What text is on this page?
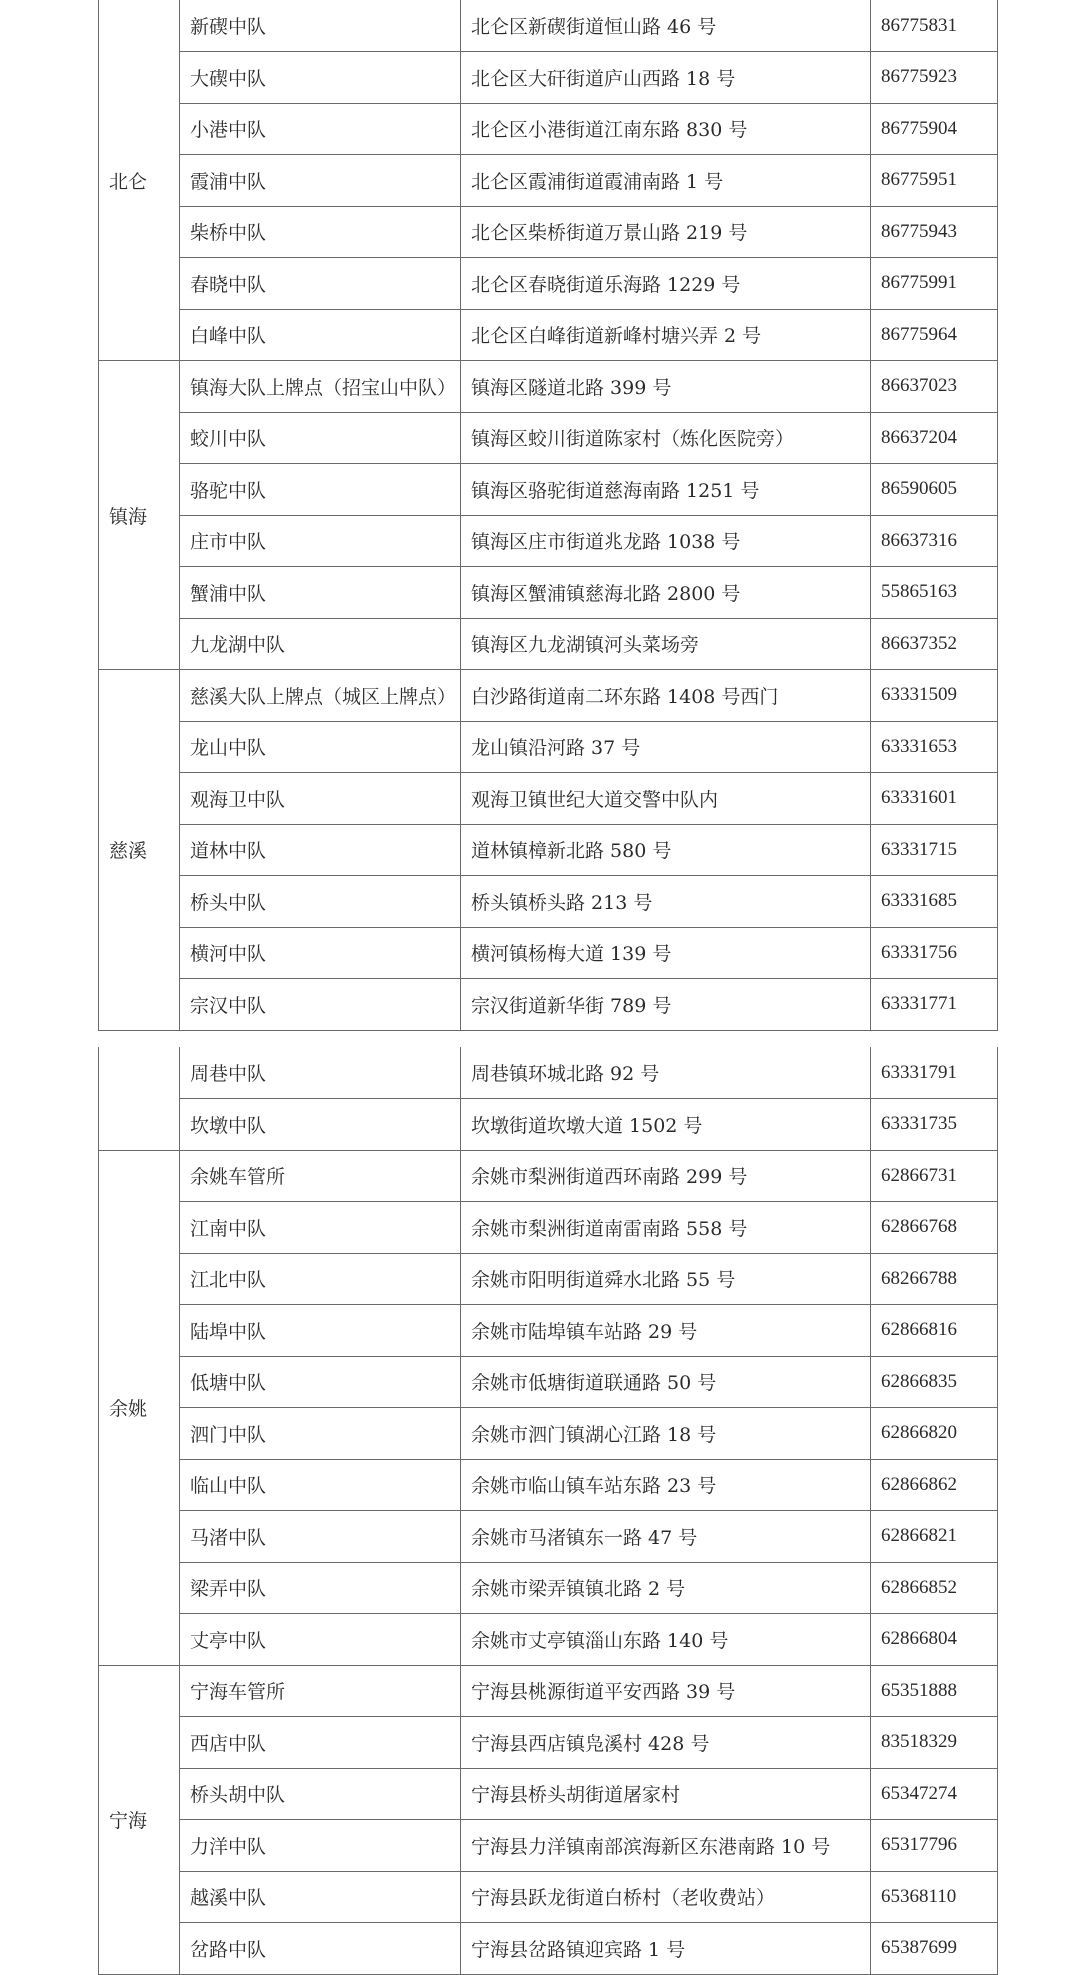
北仑	新碶中队	北仑区新碶街道恒山路 46 号	86775831
	大碶中队	北仑区大矸街道庐山西路 18 号	86775923
	小港中队	北仑区小港街道江南东路 830 号	86775904
	霞浦中队	北仑区霞浦街道霞浦南路 1 号	86775951
	柴桥中队	北仑区柴桥街道万景山路 219 号	86775943
	春晓中队	北仑区春晓街道乐海路 1229 号	86775991
	白峰中队	北仑区白峰街道新峰村塘兴弄 2 号	86775964
镇海	镇海大队上牌点（招宝山中队）	镇海区隧道北路 399 号	86637023
	蛟川中队	镇海区蛟川街道陈家村（炼化医院旁）	86637204
	骆驼中队	镇海区骆驼街道慈海南路 1251 号	86590605
	庄市中队	镇海区庄市街道兆龙路 1038 号	86637316
	蟹浦中队	镇海区蟹浦镇慈海北路 2800 号	55865163
	九龙湖中队	镇海区九龙湖镇河头菜场旁	86637352
慈溪	慈溪大队上牌点（城区上牌点）	白沙路街道南二环东路 1408 号西门	63331509
	龙山中队	龙山镇沿河路 37 号	63331653
	观海卫中队	观海卫镇世纪大道交警中队内	63331601
	道林中队	道林镇樟新北路 580 号	63331715
	桥头中队	桥头镇桥头路 213 号	63331685
	横河中队	横河镇杨梅大道 139 号	63331756
	宗汉中队	宗汉街道新华街 789 号	63331771
	周巷中队	周巷镇环城北路 92 号	63331791
	坎墩中队	坎墩街道坎墩大道 1502 号	63331735
余姚	余姚车管所	余姚市梨洲街道西环南路 299 号	62866731
	江南中队	余姚市梨洲街道南雷南路 558 号	62866768
	江北中队	余姚市阳明街道舜水北路 55 号	68266788
	陆埠中队	余姚市陆埠镇车站路 29 号	62866816
	低塘中队	余姚市低塘街道联通路 50 号	62866835
	泗门中队	余姚市泗门镇湖心江路 18 号	62866820
	临山中队	余姚市临山镇车站东路 23 号	62866862
	马渚中队	余姚市马渚镇东一路 47 号	62866821
	梁弄中队	余姚市梁弄镇镇北路 2 号	62866852
	丈亭中队	余姚市丈亭镇淄山东路 140 号	62866804
宁海	宁海车管所	宁海县桃源街道平安西路 39 号	65351888
	西店中队	宁海县西店镇凫溪村 428 号	83518329
	桥头胡中队	宁海县桥头胡街道屠家村	65347274
	力洋中队	宁海县力洋镇南部滨海新区东港南路 10 号	65317796
	越溪中队	宁海县跃龙街道白桥村（老收费站）	65368110
	岔路中队	宁海县岔路镇迎宾路 1 号	65387699
